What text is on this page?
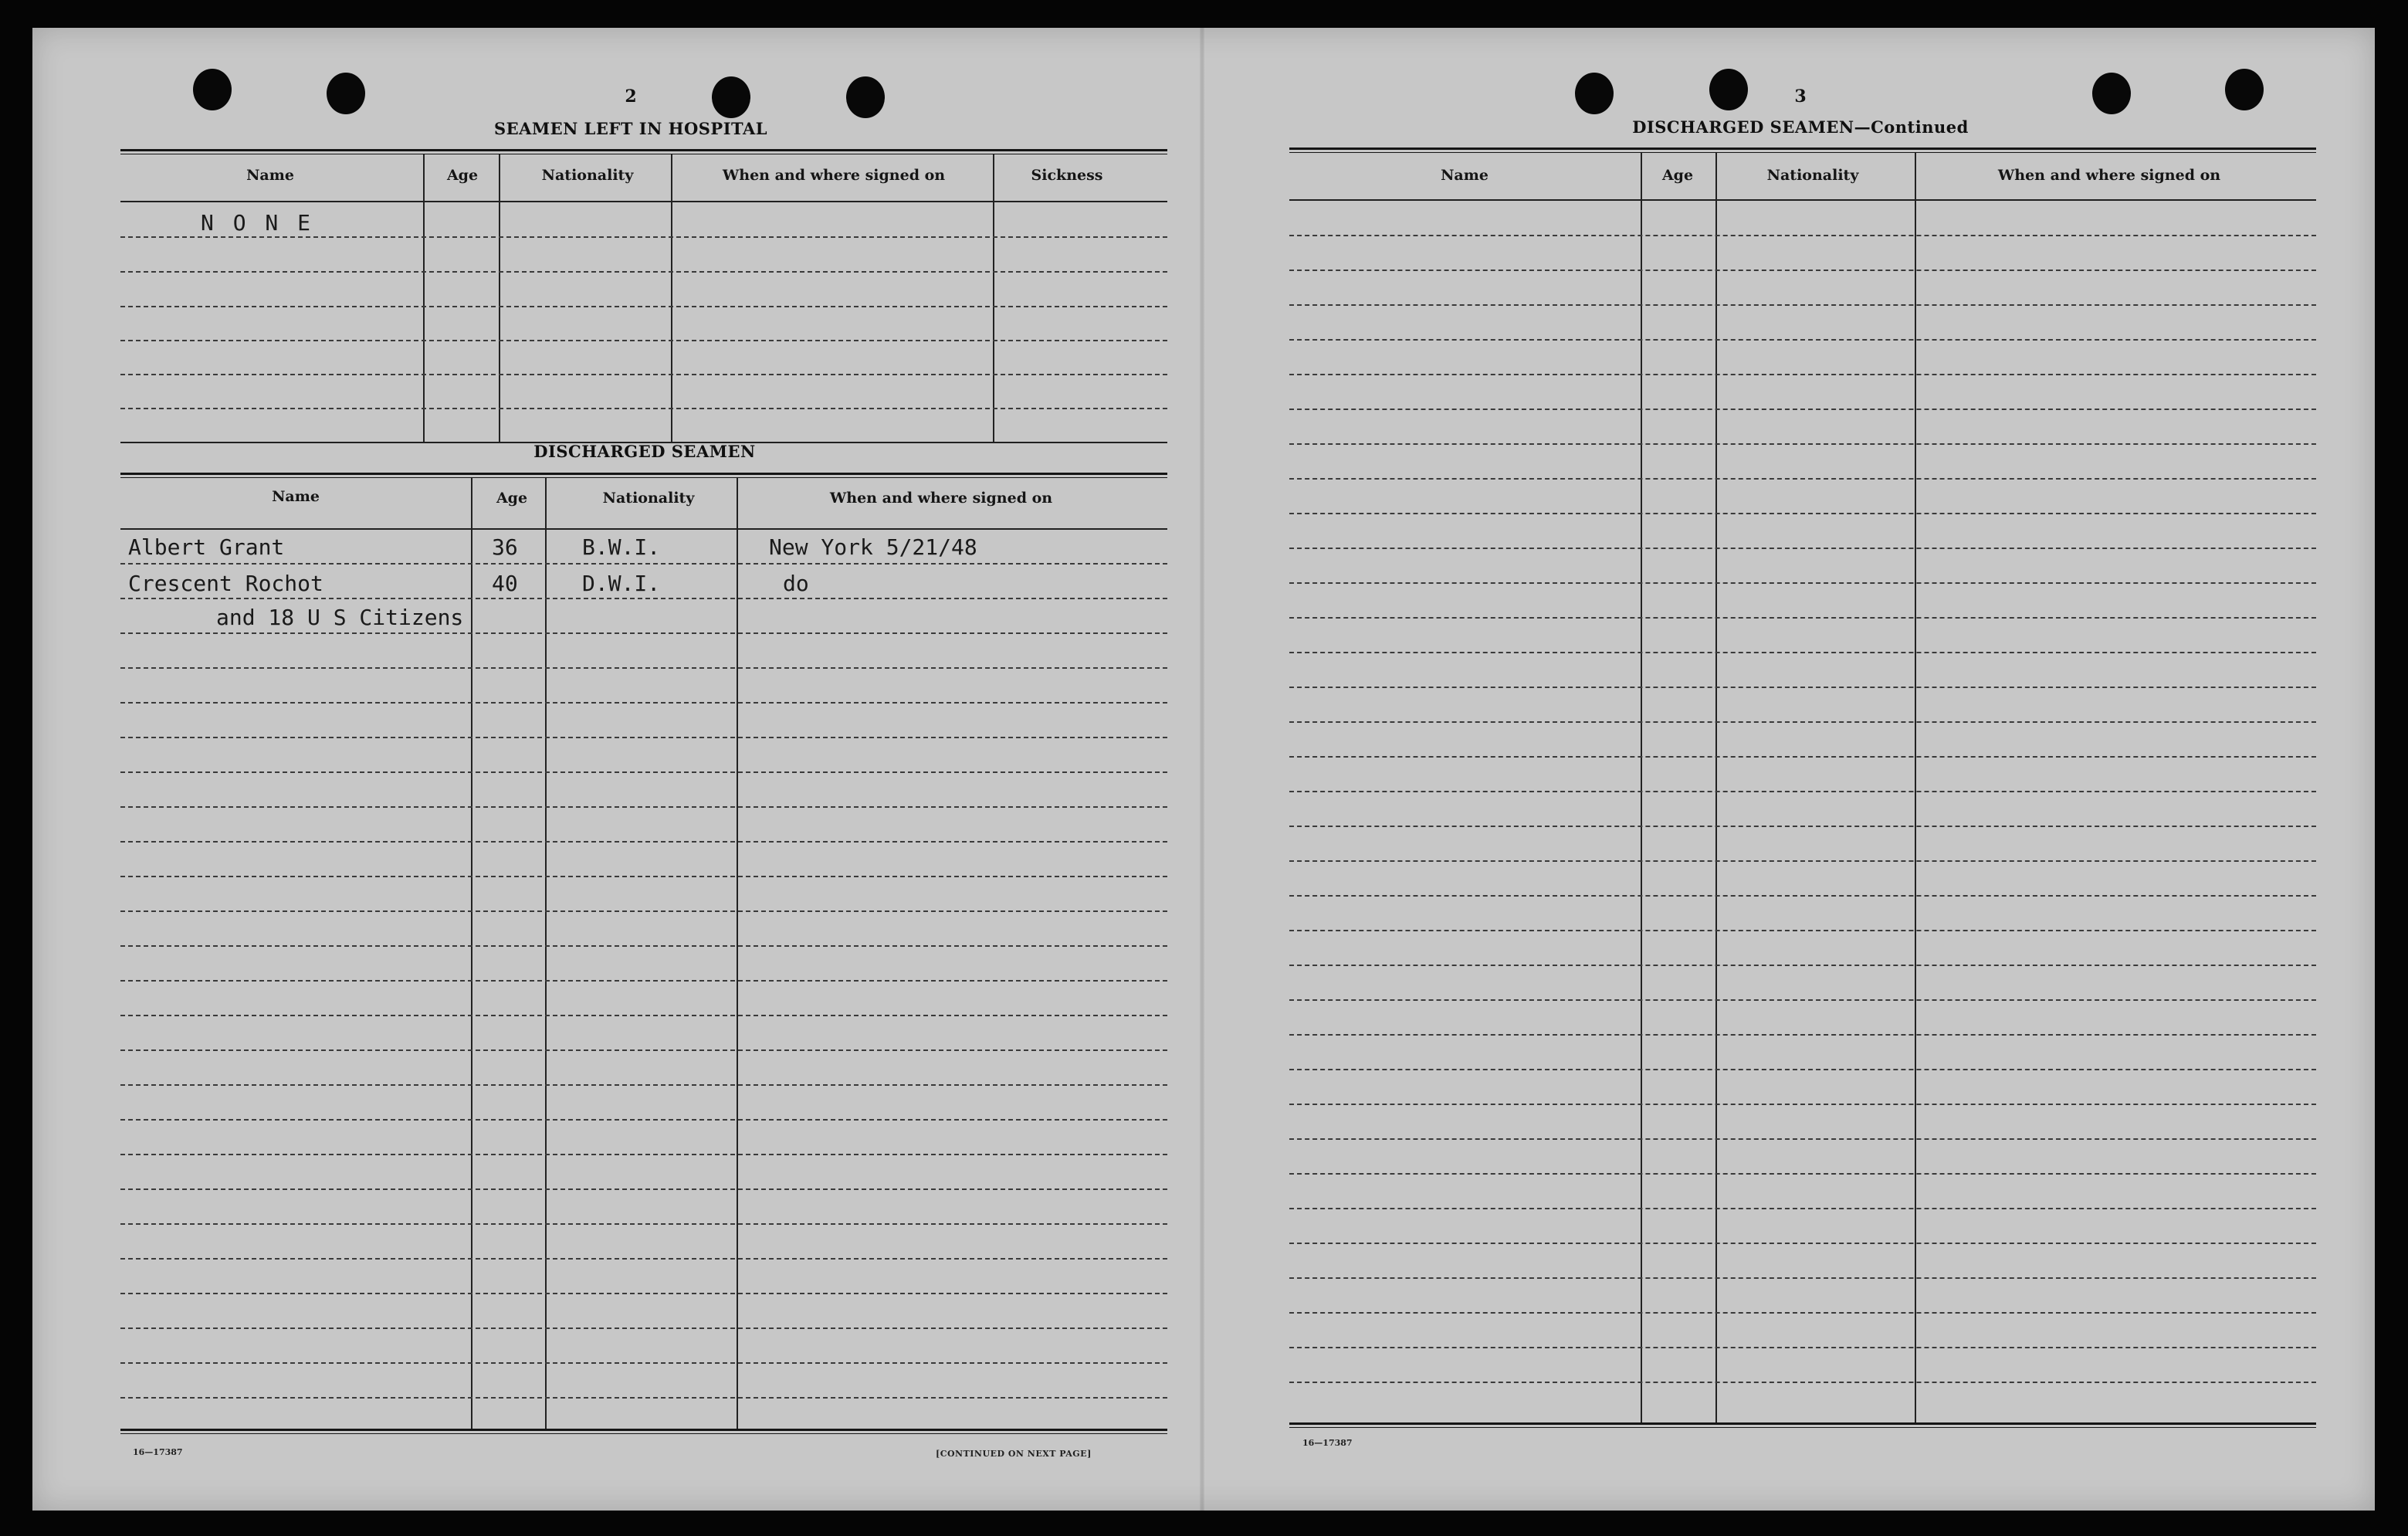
2
SEAMEN LEFT IN HOSPITAL
Name	Age	Nationality	When and where signed on	Sickness
N O N E
DISCHARGED SEAMEN
Name	Age	Nationality	When and where signed on
Albert Grant	36	B.W.I.	New York 5/21/48
Crescent Rochot	40	D.W.I.	do
and 18 U S Citizens
16—17387	[CONTINUED ON NEXT PAGE]
3
DISCHARGED SEAMEN—Continued
Name	Age	Nationality	When and where signed on
16—17387
